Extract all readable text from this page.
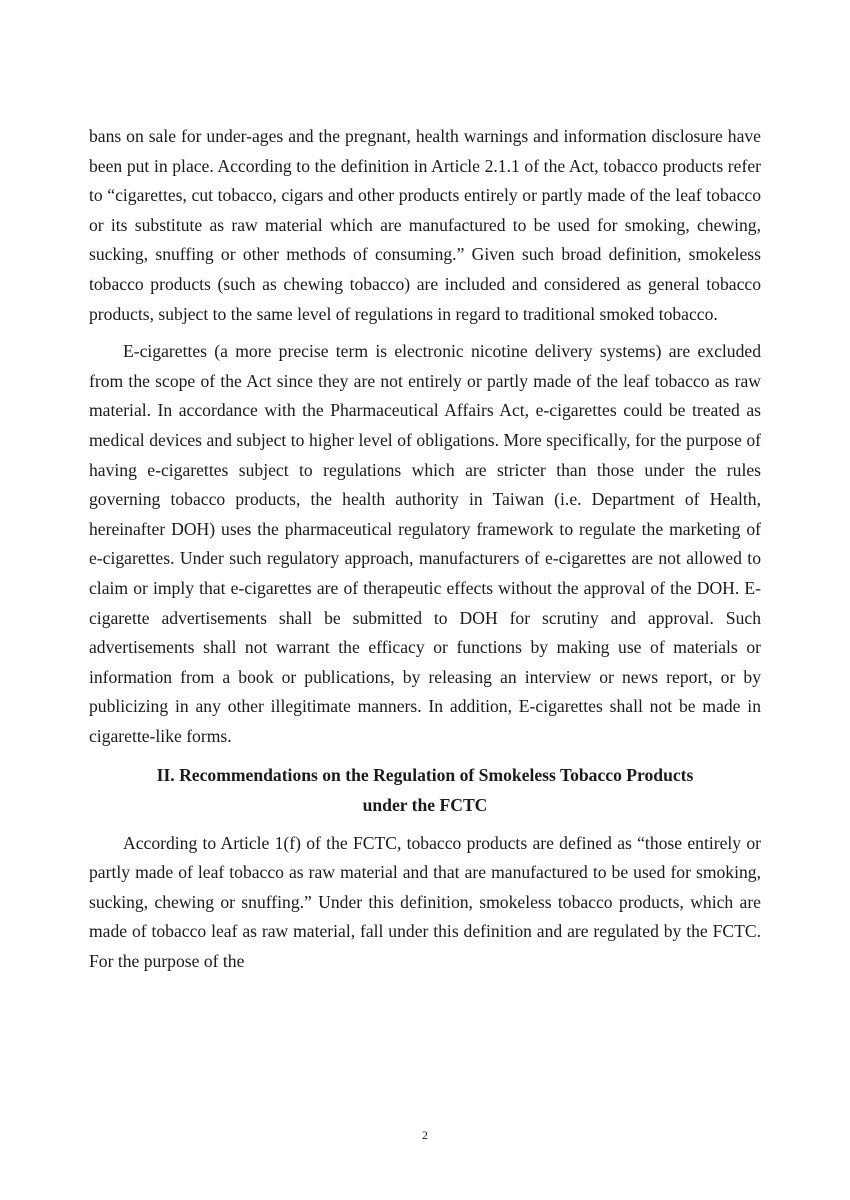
bans on sale for under-ages and the pregnant, health warnings and information disclosure have been put in place. According to the definition in Article 2.1.1 of the Act, tobacco products refer to “cigarettes, cut tobacco, cigars and other products entirely or partly made of the leaf tobacco or its substitute as raw material which are manufactured to be used for smoking, chewing, sucking, snuffing or other methods of consuming.” Given such broad definition, smokeless tobacco products (such as chewing tobacco) are included and considered as general tobacco products, subject to the same level of regulations in regard to traditional smoked tobacco.

E-cigarettes (a more precise term is electronic nicotine delivery systems) are excluded from the scope of the Act since they are not entirely or partly made of the leaf tobacco as raw material. In accordance with the Pharmaceutical Affairs Act, e-cigarettes could be treated as medical devices and subject to higher level of obligations. More specifically, for the purpose of having e-cigarettes subject to regulations which are stricter than those under the rules governing tobacco products, the health authority in Taiwan (i.e. Department of Health, hereinafter DOH) uses the pharmaceutical regulatory framework to regulate the marketing of e-cigarettes. Under such regulatory approach, manufacturers of e-cigarettes are not allowed to claim or imply that e-cigarettes are of therapeutic effects without the approval of the DOH. E-cigarette advertisements shall be submitted to DOH for scrutiny and approval. Such advertisements shall not warrant the efficacy or functions by making use of materials or information from a book or publications, by releasing an interview or news report, or by publicizing in any other illegitimate manners. In addition, E-cigarettes shall not be made in cigarette-like forms.

II. Recommendations on the Regulation of Smokeless Tobacco Products
under the FCTC

According to Article 1(f) of the FCTC, tobacco products are defined as “those entirely or partly made of leaf tobacco as raw material and that are manufactured to be used for smoking, sucking, chewing or snuffing.” Under this definition, smokeless tobacco products, which are made of tobacco leaf as raw material, fall under this definition and are regulated by the FCTC. For the purpose of the

2
